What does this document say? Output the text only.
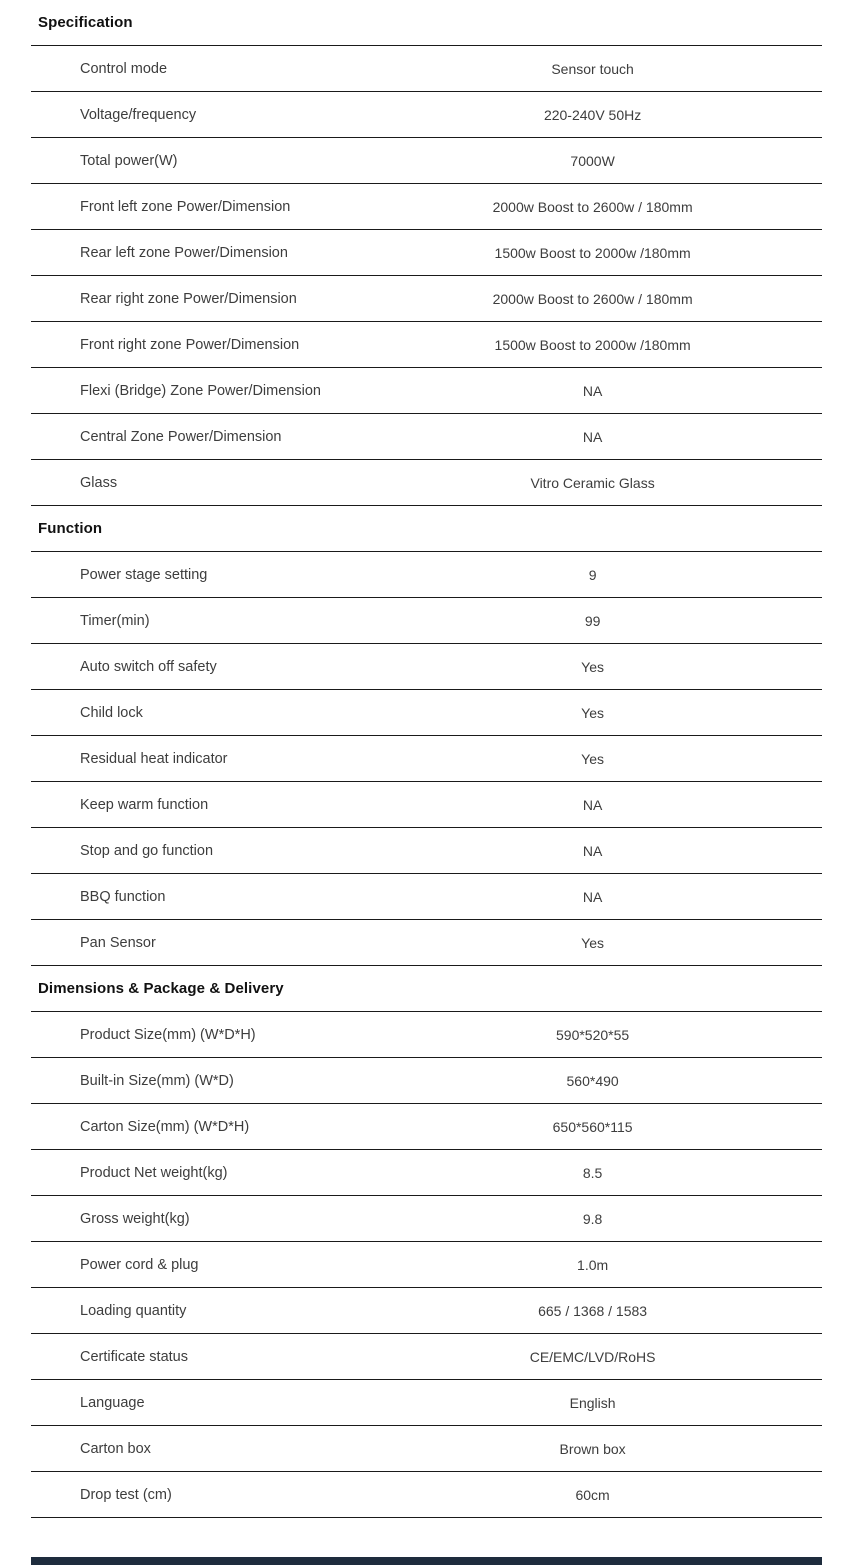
Specification
Control mode	Sensor touch
Voltage/frequency	220-240V 50Hz
Total power(W)	7000W
Front left zone Power/Dimension	2000w Boost to 2600w / 180mm
Rear left zone Power/Dimension	1500w Boost to 2000w /180mm
Rear right zone Power/Dimension	2000w Boost to 2600w / 180mm
Front right zone Power/Dimension	1500w Boost to 2000w /180mm
Flexi (Bridge) Zone Power/Dimension	NA
Central Zone Power/Dimension	NA
Glass	Vitro Ceramic Glass
Function
Power stage setting	9
Timer(min)	99
Auto switch off safety	Yes
Child lock	Yes
Residual heat indicator	Yes
Keep warm function	NA
Stop and go function	NA
BBQ function	NA
Pan Sensor	Yes
Dimensions & Package & Delivery
Product Size(mm) (W*D*H)	590*520*55
Built-in Size(mm) (W*D)	560*490
Carton Size(mm) (W*D*H)	650*560*115
Product Net weight(kg)	8.5
Gross weight(kg)	9.8
Power cord & plug	1.0m
Loading quantity	665 / 1368 / 1583
Certificate status	CE/EMC/LVD/RoHS
Language	English
Carton box	Brown box
Drop test (cm)	60cm
